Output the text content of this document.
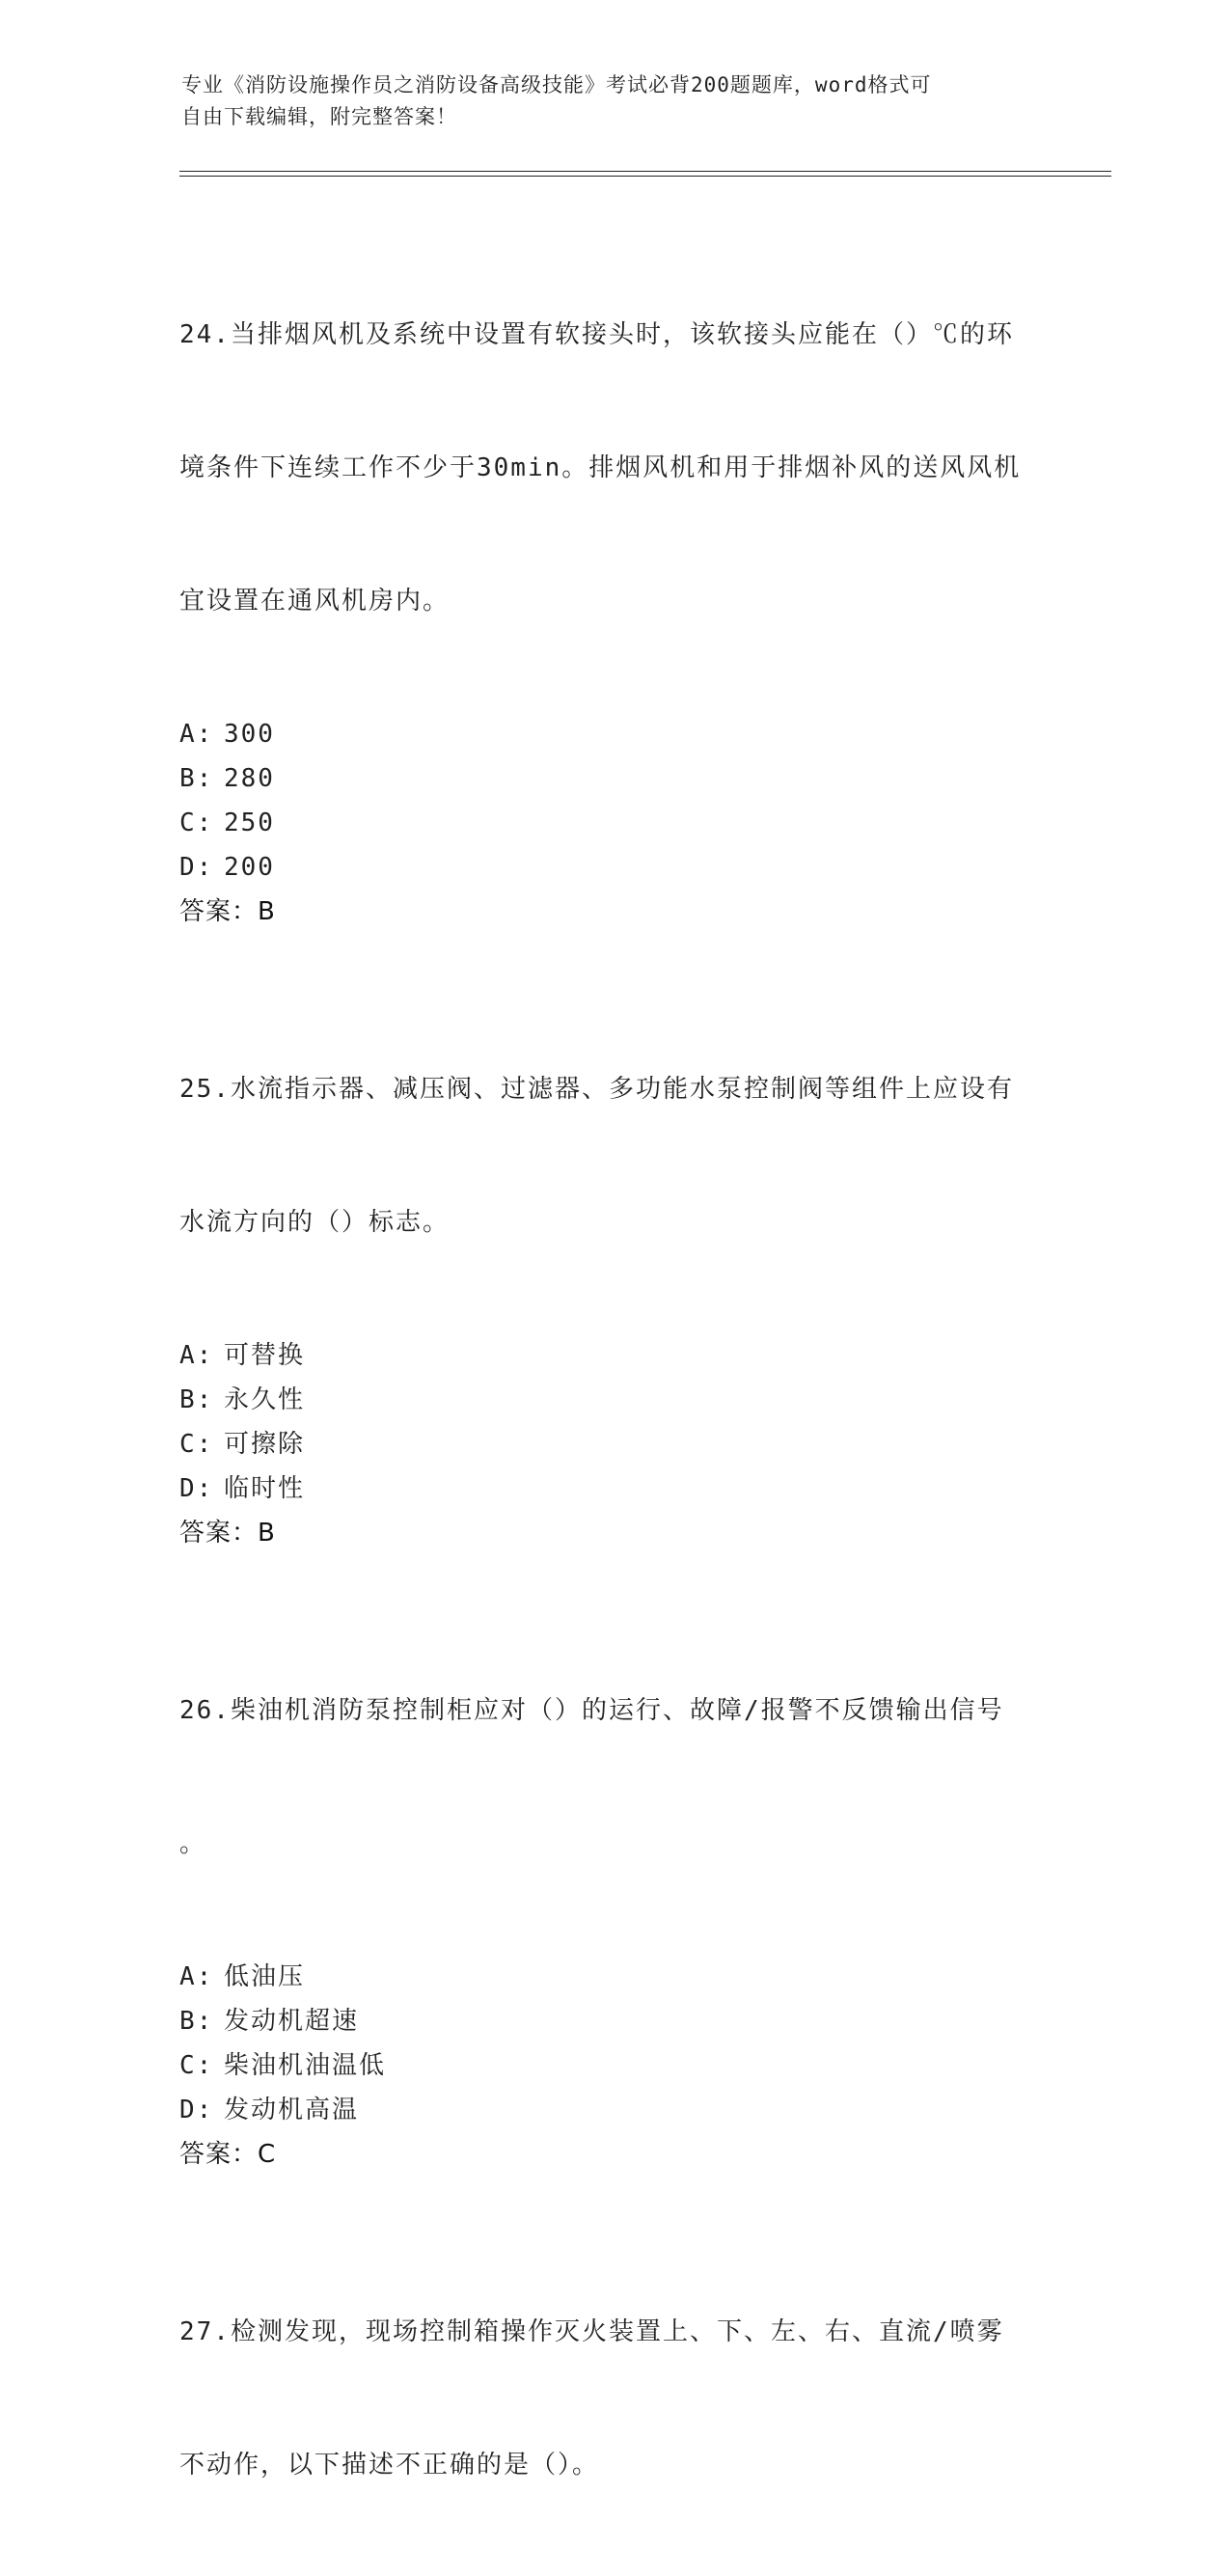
专业《消防设施操作员之消防设备高级技能》考试必背200题题库，word格式可
自由下载编辑，附完整答案！

24.当排烟风机及系统中设置有软接头时，该软接头应能在（）℃的环

境条件下连续工作不少于30min。排烟风机和用于排烟补风的送风风机

宜设置在通风机房内。

A: 300
B: 280
C: 250
D: 200
答案：B

25.水流指示器、减压阀、过滤器、多功能水泵控制阀等组件上应设有

水流方向的（）标志。

A: 可替换
B: 永久性
C: 可擦除
D: 临时性
答案：B

26.柴油机消防泵控制柜应对（）的运行、故障/报警不反馈输出信号

。

A: 低油压
B: 发动机超速
C: 柴油机油温低
D: 发动机高温
答案：C

27.检测发现，现场控制箱操作灭火装置上、下、左、右、直流/喷雾

不动作，以下描述不正确的是（）。
